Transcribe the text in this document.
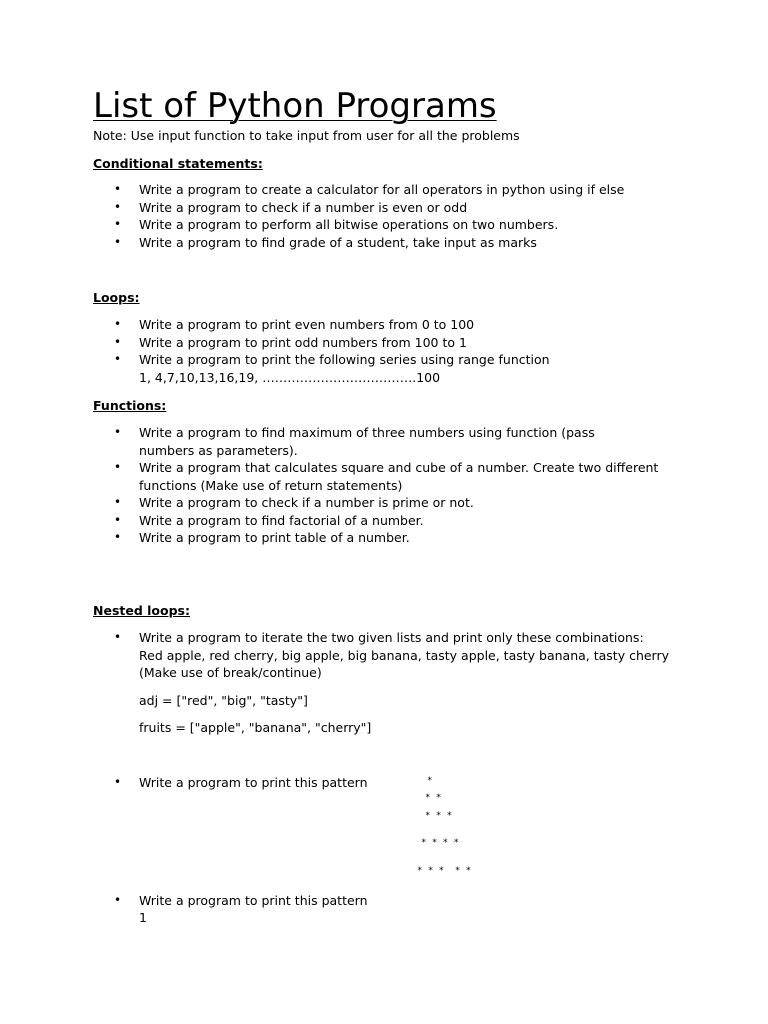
List of Python Programs
Note: Use input function to take input from user for all the problems
Conditional statements:
• Write a program to create a calculator for all operators in python using if else
• Write a program to check if a number is even or odd
• Write a program to perform all bitwise operations on two numbers.
• Write a program to find grade of a student, take input as marks
Loops:
• Write a program to print even numbers from 0 to 100
• Write a program to print odd numbers from 100 to 1
• Write a program to print the following series using range function
1, 4,7,10,13,16,19, ……………………………….100
Functions:
• Write a program to find maximum of three numbers using function (pass numbers as parameters).
• Write a program that calculates square and cube of a number. Create two different functions (Make use of return statements)
• Write a program to check if a number is prime or not.
• Write a program to find factorial of a number.
• Write a program to print table of a number.
Nested loops:
• Write a program to iterate the two given lists and print only these combinations:
Red apple, red cherry, big apple, big banana, tasty apple, tasty banana, tasty cherry
(Make use of break/continue)
adj = ["red", "big", "tasty"]
fruits = ["apple", "banana", "cherry"]
• Write a program to print this pattern	*
* *
* * *
* * * *
* * *  * *
• Write a program to print this pattern
1
